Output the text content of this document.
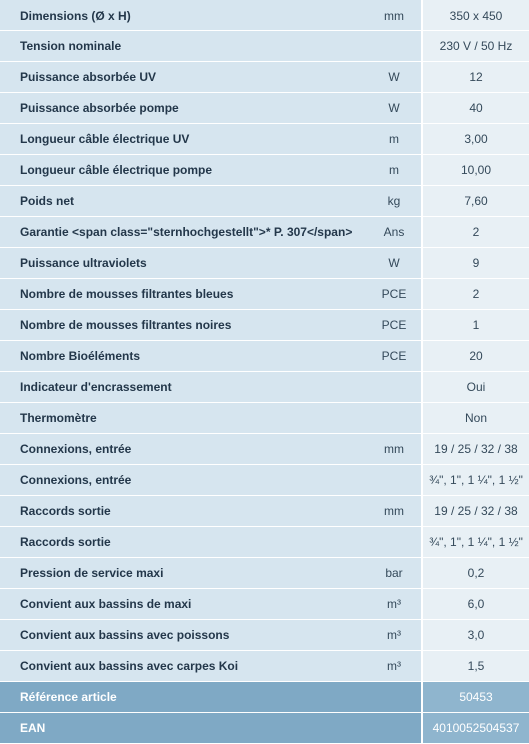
Dimensions (Ø x H)	mm	350 x 450
Tension nominale		230 V / 50 Hz
Puissance absorbée UV	W	12
Puissance absorbée pompe	W	40
Longueur câble électrique UV	m	3,00
Longueur câble électrique pompe	m	10,00
Poids net	kg	7,60
Garantie <span class="sternhochgestellt">* P. 307</span>	Ans	2
Puissance ultraviolets	W	9
Nombre de mousses filtrantes bleues	PCE	2
Nombre de mousses filtrantes noires	PCE	1
Nombre Bioéléments	PCE	20
Indicateur d'encrassement		Oui
Thermomètre		Non
Connexions, entrée	mm	19 / 25 / 32 / 38
Connexions, entrée		¾", 1", 1 ¼", 1 ½"
Raccords sortie	mm	19 / 25 / 32 / 38
Raccords sortie		¾", 1", 1 ¼", 1 ½"
Pression de service maxi	bar	0,2
Convient aux bassins de maxi	m³	6,0
Convient aux bassins avec poissons	m³	3,0
Convient aux bassins avec carpes Koi	m³	1,5
Référence article		50453
EAN		4010052504537
